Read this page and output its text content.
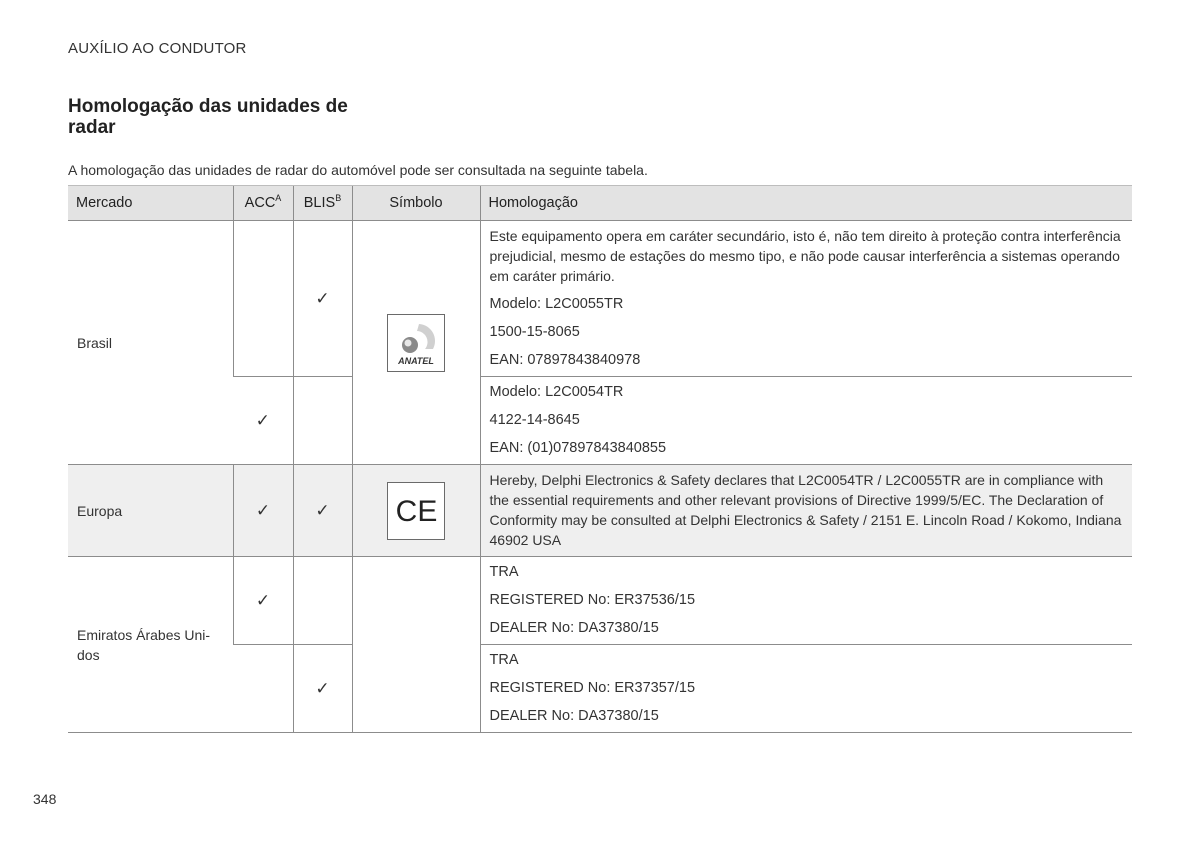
AUXÍLIO AO CONDUTOR
Homologação das unidades de radar
A homologação das unidades de radar do automóvel pode ser consultada na seguinte tabela.
Mercado	$ACC^A$	$BLIS^B$	Símbolo	Homologação
Brasil		✓	ANATEL	Este equipamento opera em caráter secundário, isto é, não tem direito à proteção contra interferência prejudicial, mesmo de estações do mesmo tipo, e não pode causar interferência a sistemas operando em caráter primário.
Modelo: L2C0055TR
1500-15-8065
EAN: 07897843840978

	✓			Modelo: L2C0054TR
4122-14-8645
EAN: (01)07897843840855

Europa	✓	✓	CE	Hereby, Delphi Electronics & Safety declares that L2C0054TR / L2C0055TR are in compliance with the essential requirements and other relevant provisions of Directive 1999/5/EC. The Declaration of Conformity may be consulted at Delphi Electronics & Safety / 2151 E. Lincoln Road / Kokomo, Indiana 46902 USA

Emiratos Árabes Uni-dos	✓			TRA
REGISTERED No: ER37536/15
DEALER No: DA37380/15

		✓		TRA
REGISTERED No: ER37357/15
DEALER No: DA37380/15
348
